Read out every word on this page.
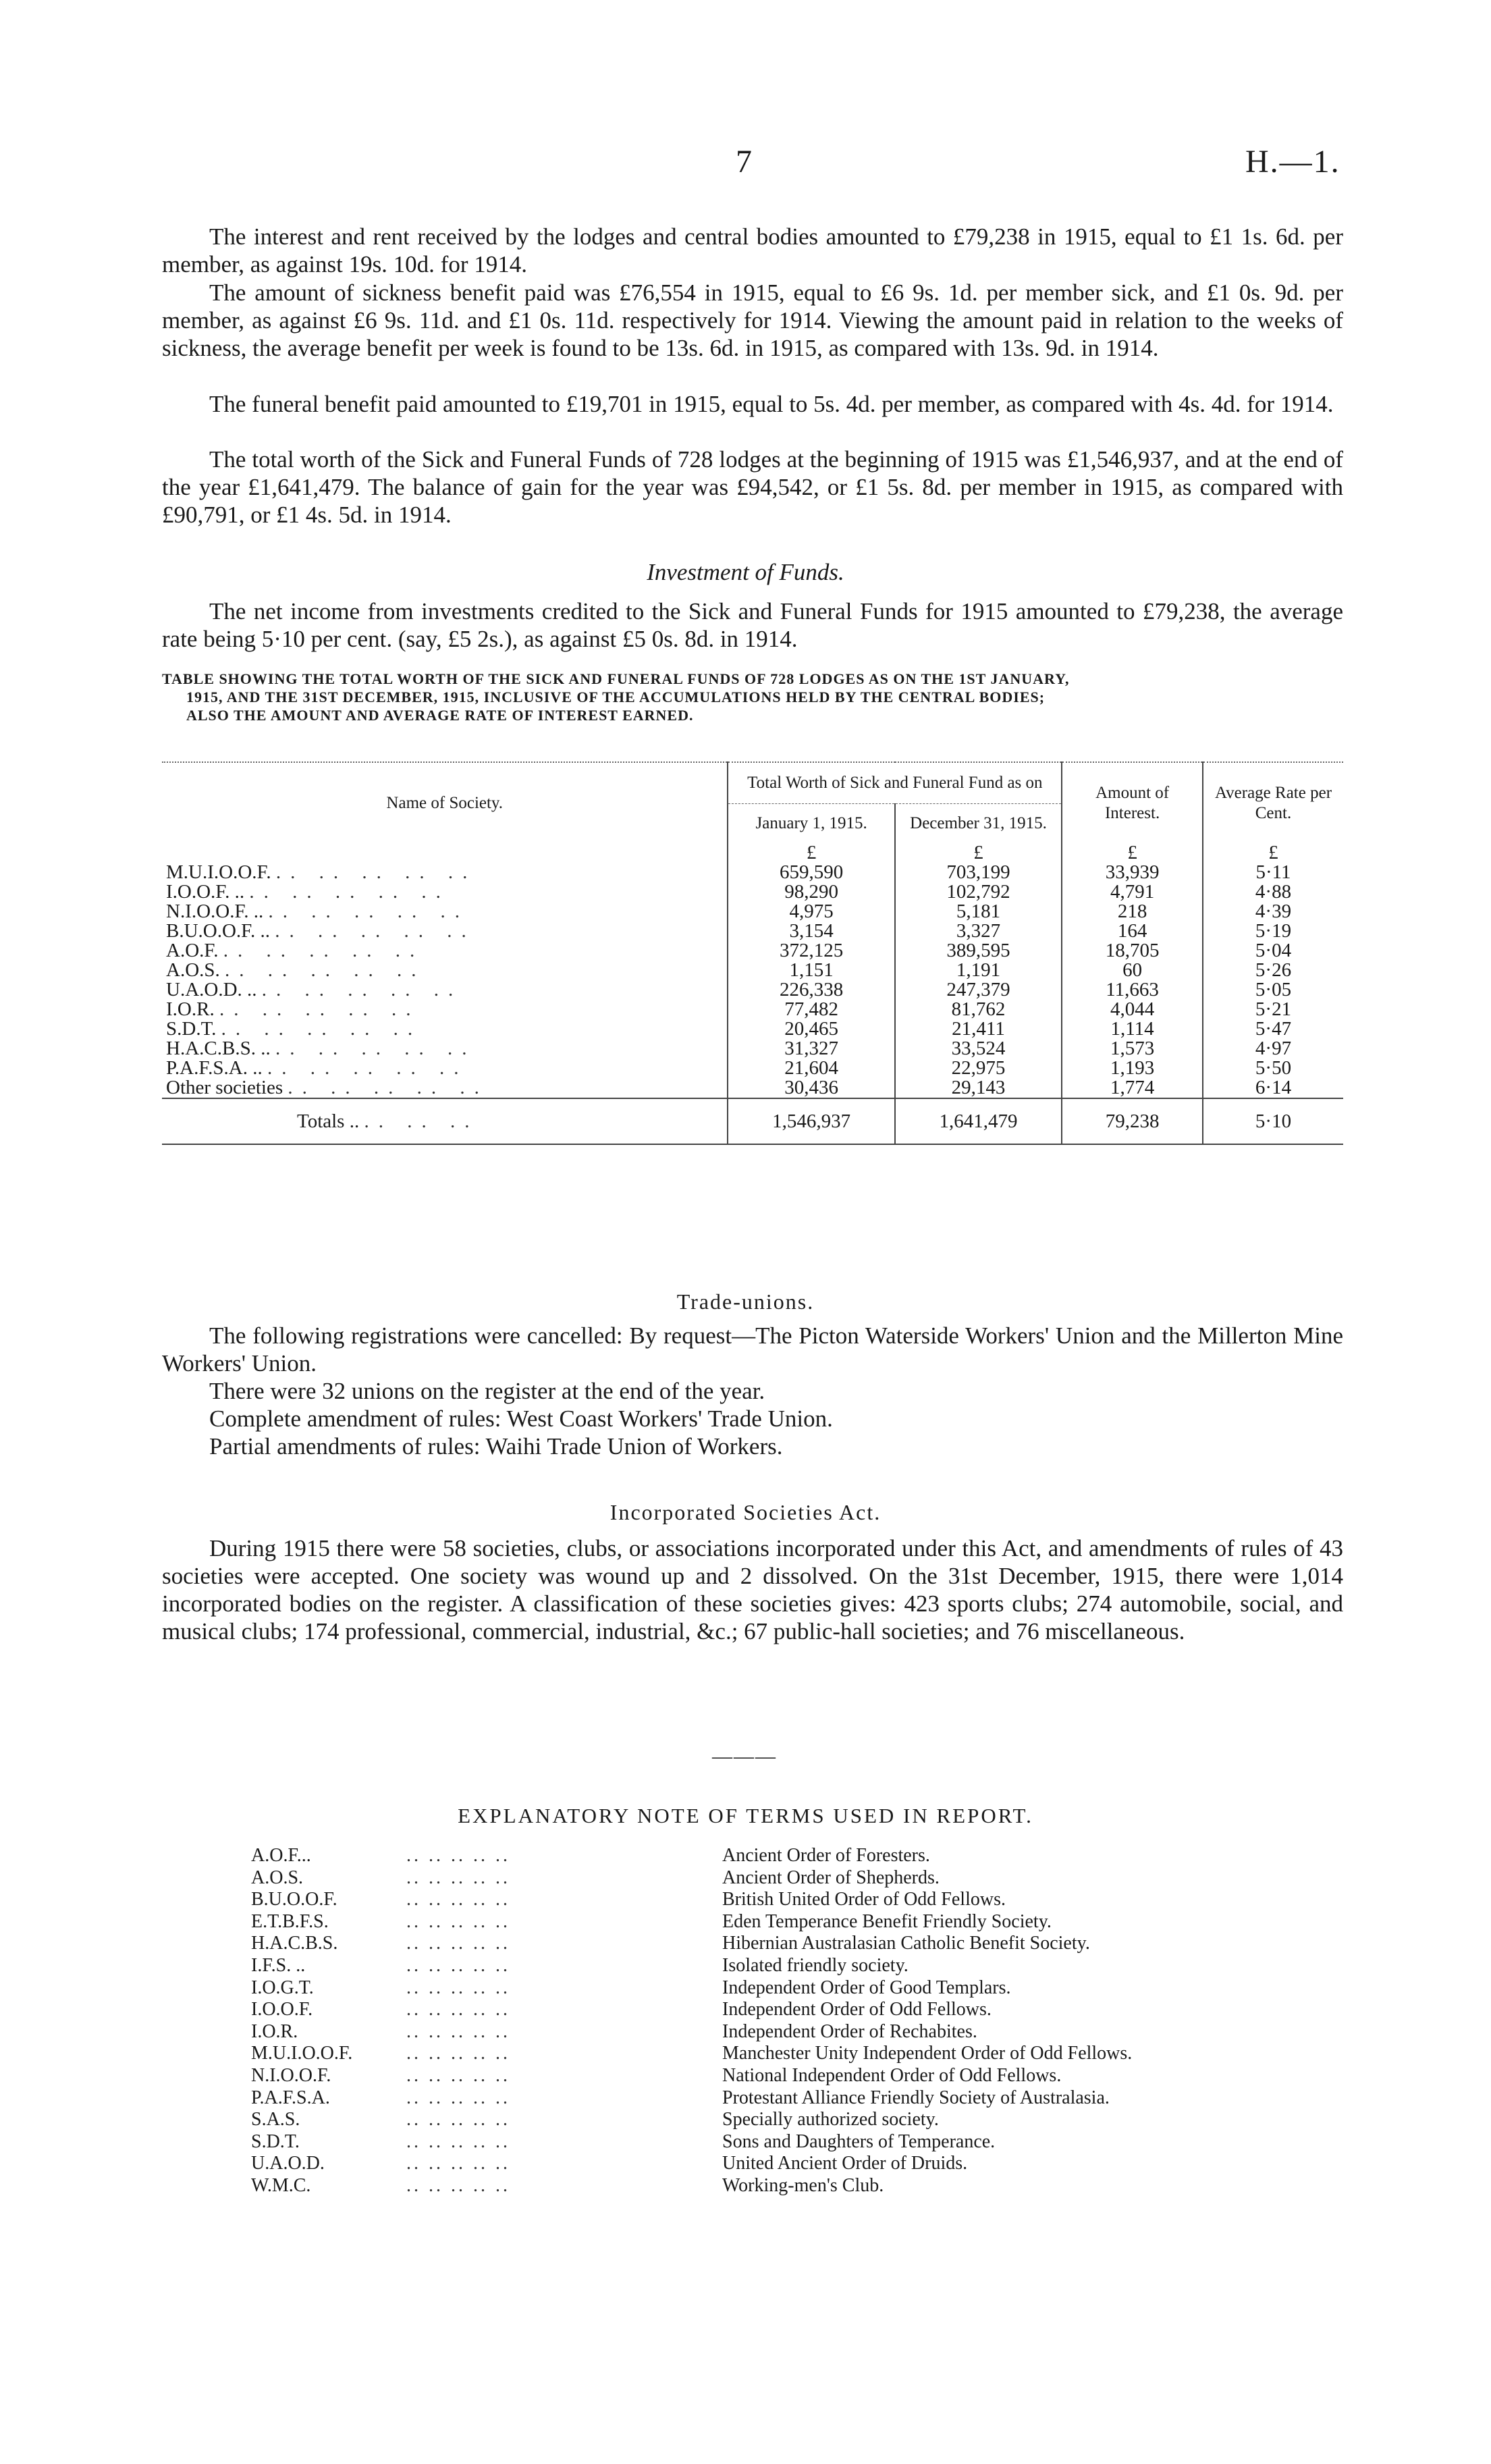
7	H.—1.

The interest and rent received by the lodges and central bodies amounted to £79,238 in 1915, equal to £1 1s. 6d. per member, as against 19s. 10d. for 1914.

The amount of sickness benefit paid was £76,554 in 1915, equal to £6 9s. 1d. per member sick, and £1 0s. 9d. per member, as against £6 9s. 11d. and £1 0s. 11d. respectively for 1914. Viewing the amount paid in relation to the weeks of sickness, the average benefit per week is found to be 13s. 6d. in 1915, as compared with 13s. 9d. in 1914.

The funeral benefit paid amounted to £19,701 in 1915, equal to 5s. 4d. per member, as compared with 4s. 4d. for 1914.

The total worth of the Sick and Funeral Funds of 728 lodges at the beginning of 1915 was £1,546,937, and at the end of the year £1,641,479. The balance of gain for the year was £94,542, or £1 5s. 8d. per member in 1915, as compared with £90,791, or £1 4s. 5d. in 1914.

Investment of Funds.

The net income from investments credited to the Sick and Funeral Funds for 1915 amounted to £79,238, the average rate being 5·10 per cent. (say, £5 2s.), as against £5 0s. 8d. in 1914.

TABLE SHOWING THE TOTAL WORTH OF THE SICK AND FUNERAL FUNDS OF 728 LODGES AS ON THE 1ST JANUARY,
1915, AND THE 31ST DECEMBER, 1915, INCLUSIVE OF THE ACCUMULATIONS HELD BY THE CENTRAL BODIES;
ALSO THE AMOUNT AND AVERAGE RATE OF INTEREST EARNED.
Name of Society.	Total Worth of Sick and Funeral Fund as on		Amount of Interest.	Average Rate per Cent.
	January 1, 1915.	December 31, 1915.		
	£	£	£	£
M.U.I.O.O.F. .. .. .. .. ..	659,590	703,199	33,939	5·11
I.O.O.F. .. .. .. .. .. ..	98,290	102,792	4,791	4·88
N.I.O.O.F. .. .. .. .. .. ..	4,975	5,181	218	4·39
B.U.O.O.F. .. .. .. .. .. ..	3,154	3,327	164	5·19
A.O.F. .. .. .. .. ..	372,125	389,595	18,705	5·04
A.O.S. .. .. .. .. ..	1,151	1,191	60	5·26
U.A.O.D. .. .. .. .. .. ..	226,338	247,379	11,663	5·05
I.O.R. .. .. .. .. ..	77,482	81,762	4,044	5·21
S.D.T. .. .. .. .. ..	20,465	21,411	1,114	5·47
H.A.C.B.S. .. .. .. .. .. ..	31,327	33,524	1,573	4·97
P.A.F.S.A. .. .. .. .. .. ..	21,604	22,975	1,193	5·50
Other societies .. .. .. .. ..	30,436	29,143	1,774	6·14
Totals .. .. .. ..	1,546,937	1,641,479	79,238	5·10
Trade-unions.

The following registrations were cancelled: By request—The Picton Waterside Workers' Union and the Millerton Mine Workers' Union.

There were 32 unions on the register at the end of the year.

Complete amendment of rules: West Coast Workers' Trade Union.

Partial amendments of rules: Waihi Trade Union of Workers.

Incorporated Societies Act.

During 1915 there were 58 societies, clubs, or associations incorporated under this Act, and amendments of rules of 43 societies were accepted. One society was wound up and 2 dissolved. On the 31st December, 1915, there were 1,014 incorporated bodies on the register. A classification of these societies gives: 423 sports clubs; 274 automobile, social, and musical clubs; 174 professional, commercial, industrial, &c.; 67 public-hall societies; and 76 miscellaneous.

———
EXPLANATORY NOTE OF TERMS USED IN REPORT.
A.O.F...	.. .. .. .. ..	Ancient Order of Foresters.
A.O.S.	.. .. .. .. ..	Ancient Order of Shepherds.
B.U.O.O.F.	.. .. .. .. ..	British United Order of Odd Fellows.
E.T.B.F.S.	.. .. .. .. ..	Eden Temperance Benefit Friendly Society.
H.A.C.B.S.	.. .. .. .. ..	Hibernian Australasian Catholic Benefit Society.
I.F.S. ..	.. .. .. .. ..	Isolated friendly society.
I.O.G.T.	.. .. .. .. ..	Independent Order of Good Templars.
I.O.O.F.	.. .. .. .. ..	Independent Order of Odd Fellows.
I.O.R.	.. .. .. .. ..	Independent Order of Rechabites.
M.U.I.O.O.F.	.. .. .. .. ..	Manchester Unity Independent Order of Odd Fellows.
N.I.O.O.F.	.. .. .. .. ..	National Independent Order of Odd Fellows.
P.A.F.S.A.	.. .. .. .. ..	Protestant Alliance Friendly Society of Australasia.
S.A.S.	.. .. .. .. ..	Specially authorized society.
S.D.T.	.. .. .. .. ..	Sons and Daughters of Temperance.
U.A.O.D.	.. .. .. .. ..	United Ancient Order of Druids.
W.M.C.	.. .. .. .. ..	Working-men's Club.
